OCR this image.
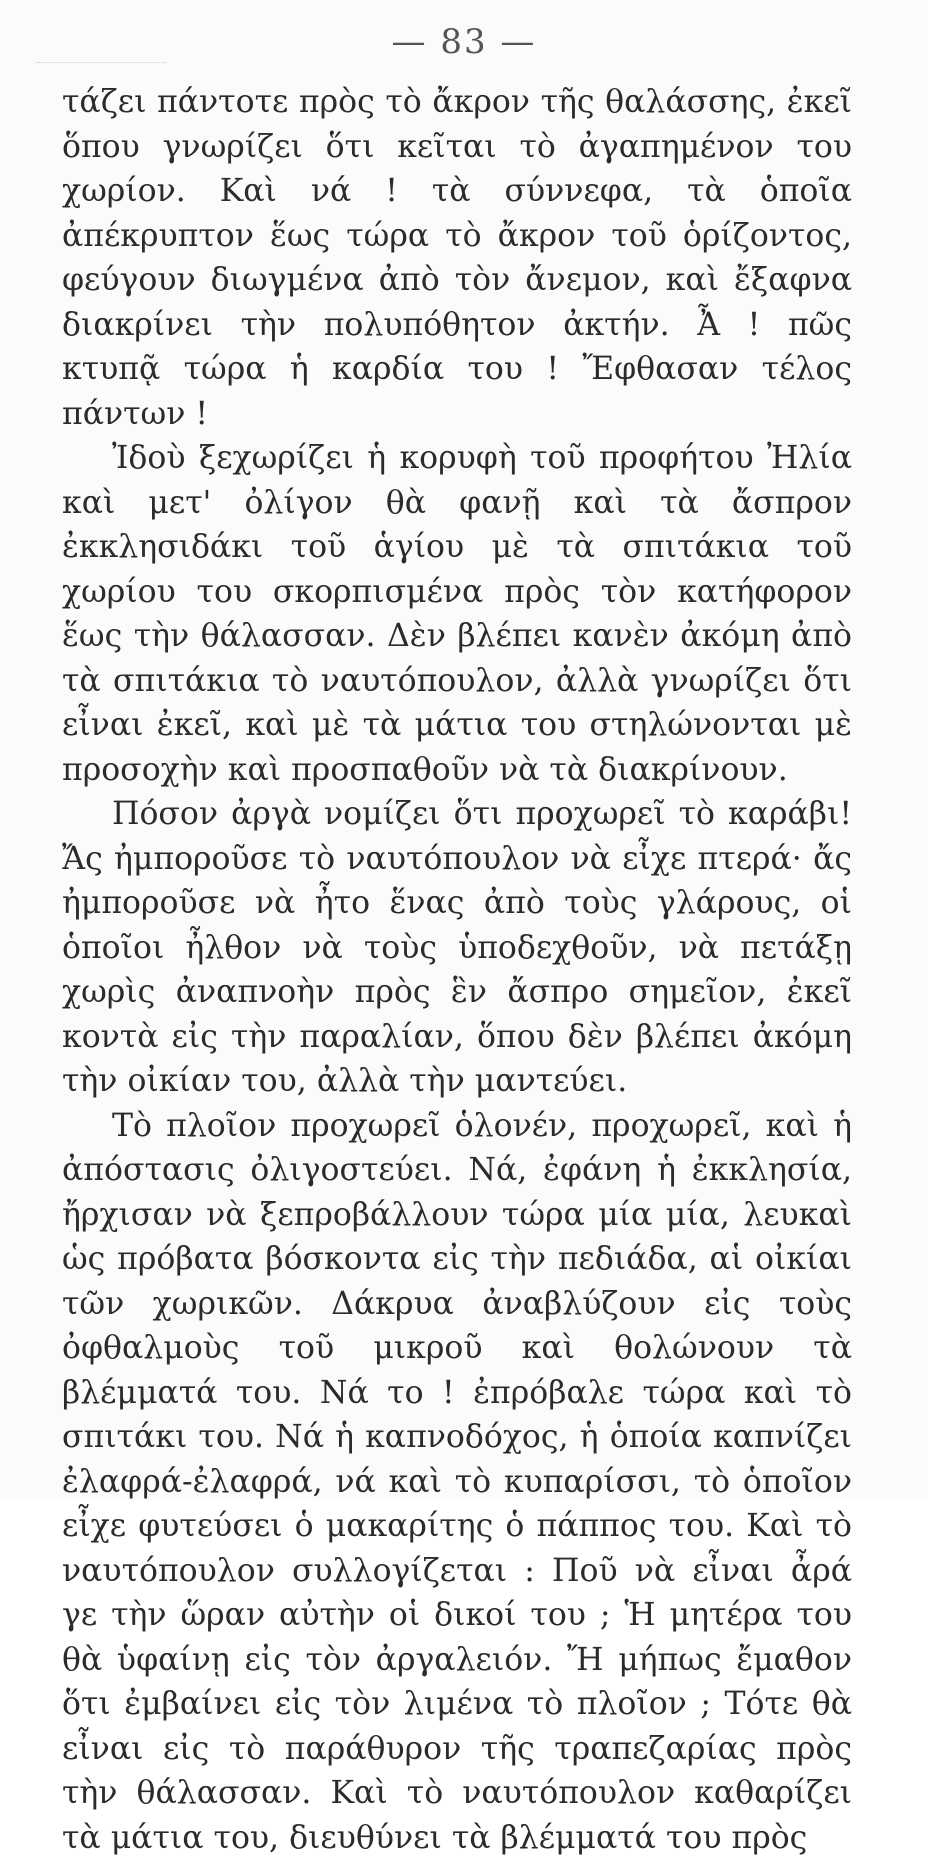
— 83 —

τάζει πάντοτε πρὸς τὸ ἄκρον τῆς θαλάσσης, ἐκεῖ ὅπου γνωρίζει ὅτι κεῖται τὸ ἀγαπημένον του χωρίον. Καὶ νά ! τὰ σύννεφα, τὰ ὁποῖα ἀπέκρυπτον ἕως τώρα τὸ ἄκρον τοῦ ὁρίζοντος, φεύγουν διωγμένα ἀπὸ τὸν ἄνεμον, καὶ ἔξαφνα διακρίνει τὴν πολυπόθητον ἀκτήν. Ἆ ! πῶς κτυπᾷ τώρα ἡ καρδία του ! Ἔφθασαν τέλος πάντων !

Ἰδοὺ ξεχωρίζει ἡ κορυφὴ τοῦ προφήτου Ἠλία καὶ μετ' ὀλίγον θὰ φανῇ καὶ τὰ ἄσπρον ἐκκλησιδάκι τοῦ ἁγίου μὲ τὰ σπιτάκια τοῦ χωρίου του σκορπισμένα πρὸς τὸν κατήφορον ἕως τὴν θάλασσαν. Δὲν βλέπει κανὲν ἀκόμη ἀπὸ τὰ σπιτάκια τὸ ναυτόπουλον, ἀλλὰ γνωρίζει ὅτι εἶναι ἐκεῖ, καὶ μὲ τὰ μάτια του στηλώνονται μὲ προσοχὴν καὶ προσπαθοῦν νὰ τὰ διακρίνουν.

Πόσον ἀργὰ νομίζει ὅτι προχωρεῖ τὸ καράβι! Ἄς ἠμποροῦσε τὸ ναυτόπουλον νὰ εἶχε πτερά· ἄς ἠμποροῦσε νὰ ἦτο ἕνας ἀπὸ τοὺς γλάρους, οἱ ὁποῖοι ἦλθον νὰ τοὺς ὑποδεχθοῦν, νὰ πετάξῃ χωρὶς ἀναπνοὴν πρὸς ἓν ἄσπρο σημεῖον, ἐκεῖ κοντὰ εἰς τὴν παραλίαν, ὅπου δὲν βλέπει ἀκόμη τὴν οἰκίαν του, ἀλλὰ τὴν μαντεύει.

Τὸ πλοῖον προχωρεῖ ὁλονέν, προχωρεῖ, καὶ ἡ ἀπόστασις ὀλιγοστεύει. Νά, ἐφάνη ἡ ἐκκλησία, ἤρχισαν νὰ ξεπροβάλλουν τώρα μία μία, λευκαὶ ὡς πρόβατα βόσκοντα εἰς τὴν πεδιάδα, αἱ οἰκίαι τῶν χωρικῶν. Δάκρυα ἀναβλύζουν εἰς τοὺς ὀφθαλμοὺς τοῦ μικροῦ καὶ θολώνουν τὰ βλέμματά του. Νά το ! ἐπρόβαλε τώρα καὶ τὸ σπιτάκι του. Νά ἡ καπνοδόχος, ἡ ὁποία καπνίζει ἐλαφρά-ἐλαφρά, νά καὶ τὸ κυπαρίσσι, τὸ ὁποῖον εἶχε φυτεύσει ὁ μακαρίτης ὁ πάππος του. Καὶ τὸ ναυτόπουλον συλλογίζεται : Ποῦ νὰ εἶναι ἆρά γε τὴν ὥραν αὐτὴν οἱ δικοί του ; Ἡ μητέρα του θὰ ὑφαίνῃ εἰς τὸν ἀργαλειόν. Ἤ μήπως ἔμαθον ὅτι ἐμβαίνει εἰς τὸν λιμένα τὸ πλοῖον ; Τότε θὰ εἶναι εἰς τὸ παράθυρον τῆς τραπεζαρίας πρὸς τὴν θάλασσαν. Καὶ τὸ ναυτόπουλον καθαρίζει τὰ μάτια του, διευθύνει τὰ βλέμματά του πρὸς
